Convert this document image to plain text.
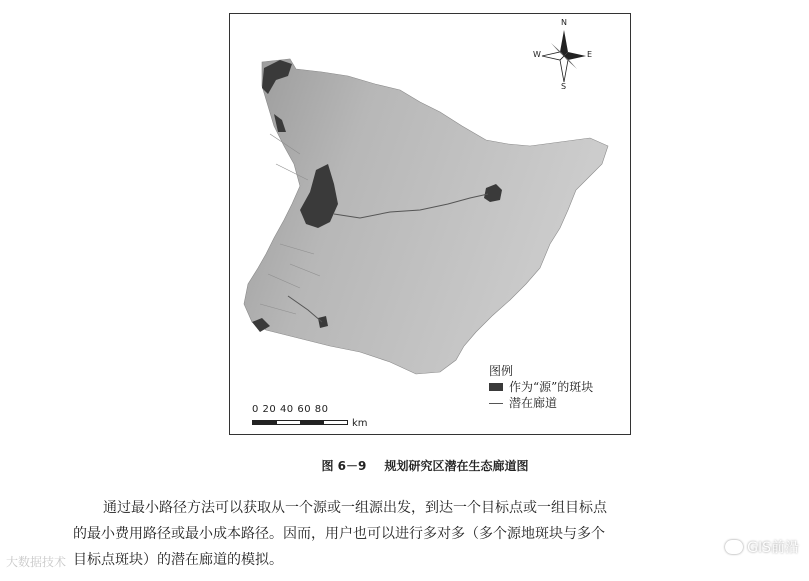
N
S
W	E
图例
作为“源”的斑块
潜在廊道
0 20 40 60 80
km
图 6－9 规划研究区潜在生态廊道图

通过最小路径方法可以获取从一个源或一组源出发，到达一个目标点或一组目标点

的最小费用路径或最小成本路径。因而，用户也可以进行多对多（多个源地斑块与多个

目标点斑块）的潜在廊道的模拟。

大数据技术
GIS前沿
